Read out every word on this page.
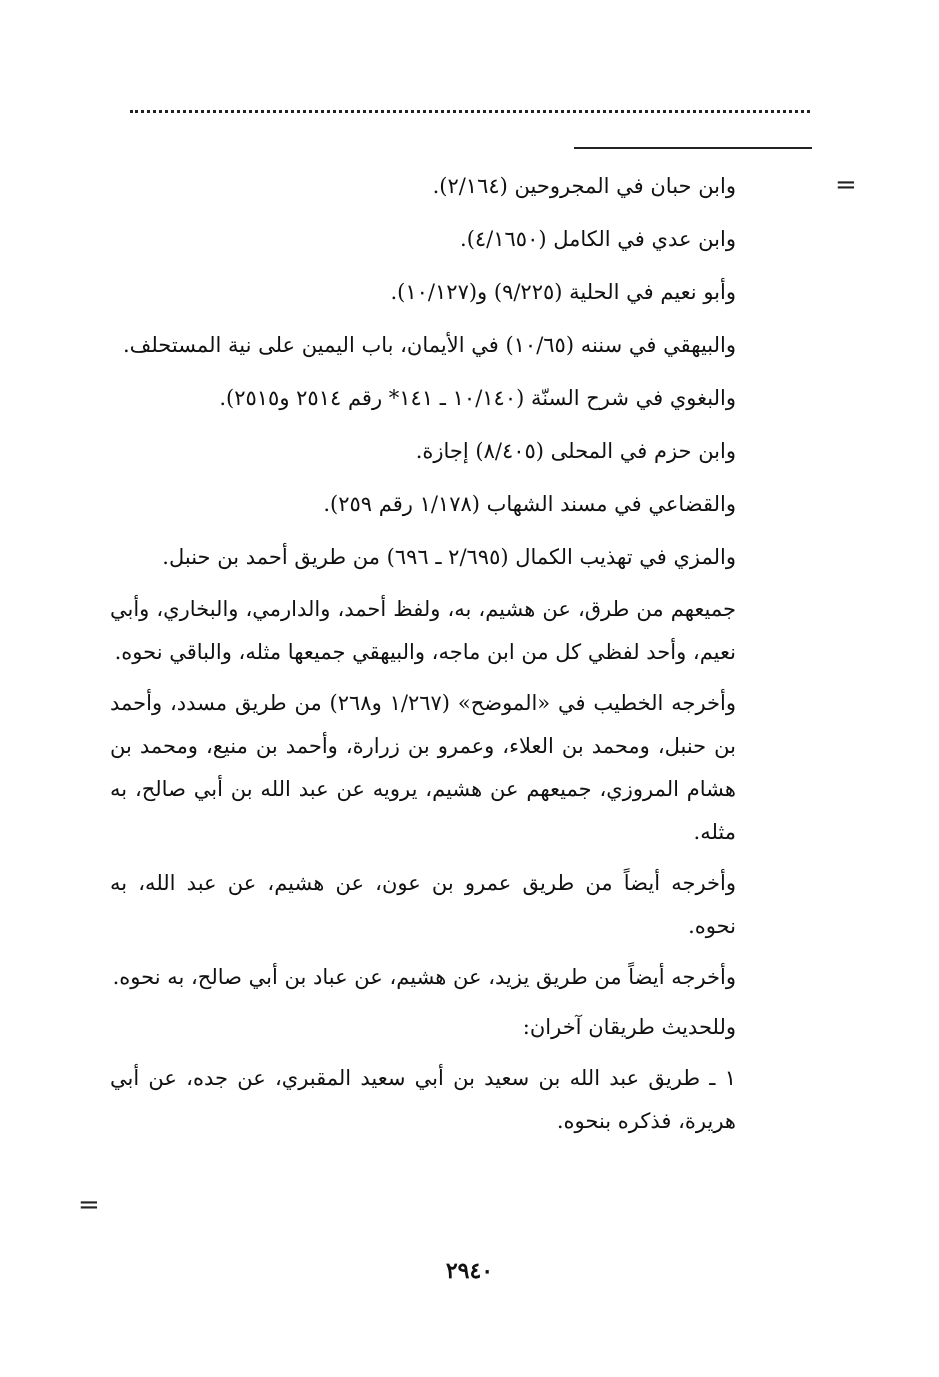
=
=

وابن حبان في المجروحين (٢/١٦٤).

وابن عدي في الكامل (٤/١٦٥٠).

وأبو نعيم في الحلية (٩/٢٢٥) و(١٠/١٢٧).

والبيهقي في سننه (١٠/٦٥) في الأيمان، باب اليمين على نية المستحلف.

والبغوي في شرح السنّة (١٠/١٤٠ ـ ١٤١* رقم ٢٥١٤ و٢٥١٥).

وابن حزم في المحلى (٨/٤٠٥) إجازة.

والقضاعي في مسند الشهاب (١/١٧٨ رقم ٢٥٩).

والمزي في تهذيب الكمال (٢/٦٩٥ ـ ٦٩٦) من طريق أحمد بن حنبل.

جميعهم من طرق، عن هشيم، به، ولفظ أحمد، والدارمي، والبخاري، وأبي نعيم، وأحد لفظي كل من ابن ماجه، والبيهقي جميعها مثله، والباقي نحوه.

وأخرجه الخطيب في «الموضح» (١/٢٦٧ و٢٦٨) من طريق مسدد، وأحمد بن حنبل، ومحمد بن العلاء، وعمرو بن زرارة، وأحمد بن منيع، ومحمد بن هشام المروزي، جميعهم عن هشيم، يرويه عن عبد الله بن أبي صالح، به مثله.

وأخرجه أيضاً من طريق عمرو بن عون، عن هشيم، عن عبد الله، به نحوه.

وأخرجه أيضاً من طريق يزيد، عن هشيم، عن عباد بن أبي صالح، به نحوه.

وللحديث طريقان آخران:

١ ـ طريق عبد الله بن سعيد بن أبي سعيد المقبري، عن جده، عن أبي هريرة، فذكره بنحوه.

٢٩٤٠
